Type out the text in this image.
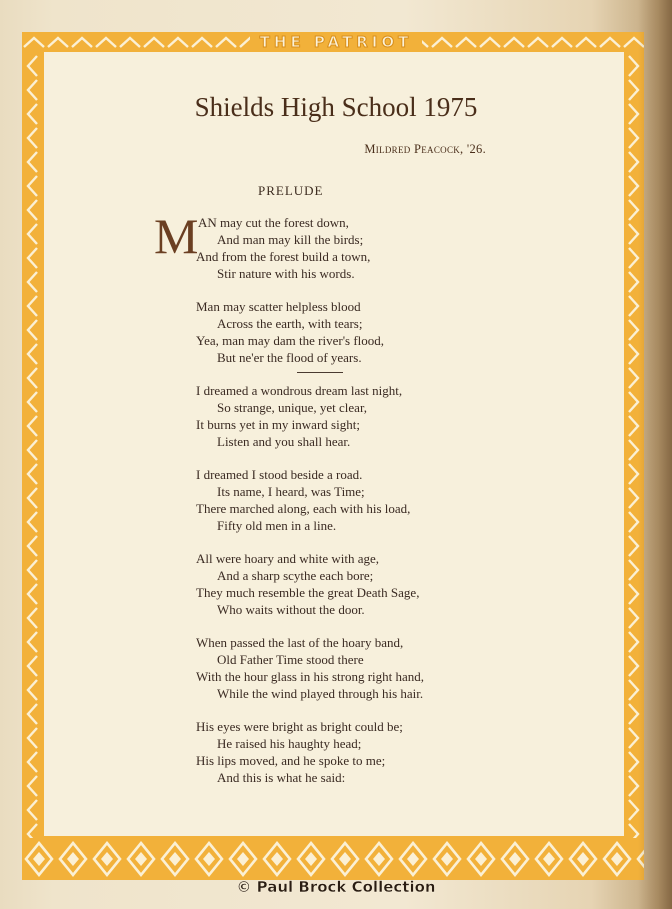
THE PATRIOT
Shields High School 1975
Mildred Peacock, '26.
PRELUDE
M AN may cut the forest down,
And man may kill the birds;
And from the forest build a town,
Stir nature with his words.
Man may scatter helpless blood
Across the earth, with tears;
Yea, man may dam the river's flood,
But ne'er the flood of years.
I dreamed a wondrous dream last night,
So strange, unique, yet clear,
It burns yet in my inward sight;
Listen and you shall hear.
I dreamed I stood beside a road.
Its name, I heard, was Time;
There marched along, each with his load,
Fifty old men in a line.
All were hoary and white with age,
And a sharp scythe each bore;
They much resemble the great Death Sage,
Who waits without the door.
When passed the last of the hoary band,
Old Father Time stood there
With the hour glass in his strong right hand,
While the wind played through his hair.
His eyes were bright as bright could be;
He raised his haughty head;
His lips moved, and he spoke to me;
And this is what he said:
© Paul Brock Collection
